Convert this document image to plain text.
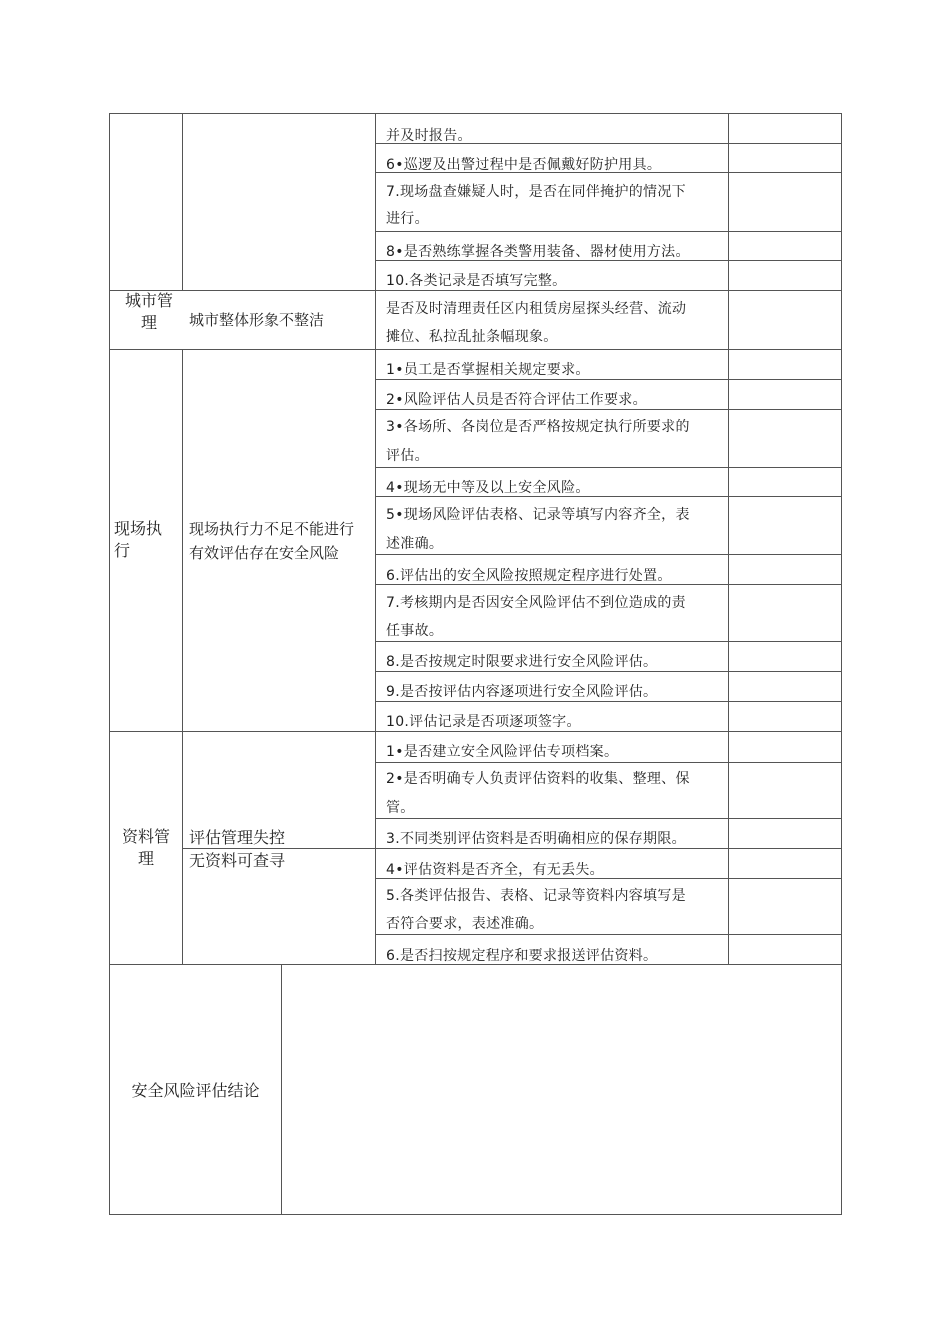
并及时报告。
6•巡逻及出警过程中是否佩戴好防护用具。
7.现场盘查嫌疑人时，是否在同伴掩护的情况下
进行。
8•是否熟练掌握各类警用装备、器材使用方法。
10.各类记录是否填写完整。
城市管
理	城市整体形象不整洁
是否及时清理责任区内租赁房屋探头经营、流动
摊位、私拉乱扯条幅现象。
现场执
行
现场执行力不足不能进行
有效评估存在安全风险
1•员工是否掌握相关规定要求。
2•风险评估人员是否符合评估工作要求。
3•各场所、各岗位是否严格按规定执行所要求的
评估。
4•现场无中等及以上安全风险。
5•现场风险评估表格、记录等填写内容齐全，表
述准确。
6.评估出的安全风险按照规定程序进行处置。
7.考核期内是否因安全风险评估不到位造成的责
任事故。
8.是否按规定时限要求进行安全风险评估。
9.是否按评估内容逐项进行安全风险评估。
10.评估记录是否项逐项签字。
资料管
理
评估管理失控
无资料可查寻
1•是否建立安全风险评估专项档案。
2•是否明确专人负责评估资料的收集、整理、保
管。
3.不同类别评估资料是否明确相应的保存期限。
4•评估资料是否齐全，有无丢失。
5.各类评估报告、表格、记录等资料内容填写是
否符合要求，表述准确。
6.是否扫按规定程序和要求报送评估资料。
安全风险评估结论
